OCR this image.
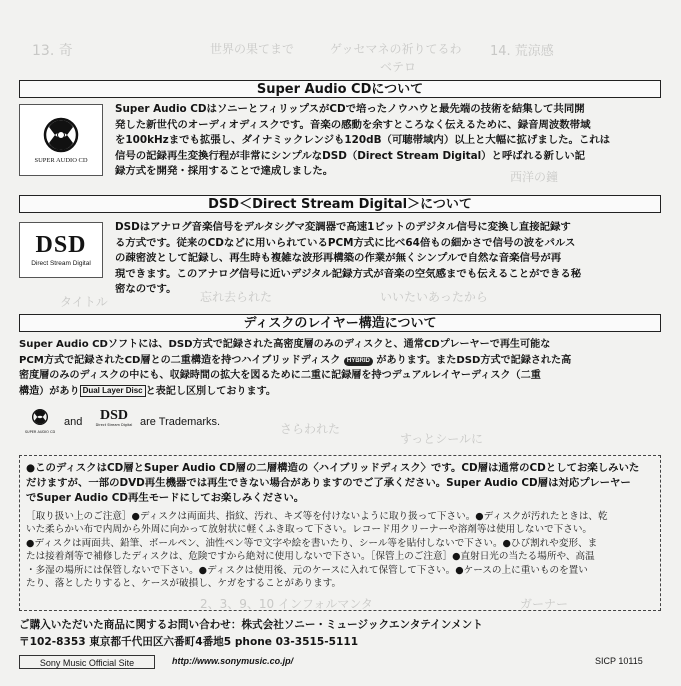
13. 奇	14. 荒涼感
ゲッセマネの祈りてるわ
世界の果てまで
ベテロ
西洋の鐘
忘れ去られた	いいたいあったから
タイトル
さらわれた
すっとシールに
ガーナー
2、3、9、10 インフォルマンタ
Super Audio CDについて
SUPER AUDIO CD
Super Audio CDはソニーとフィリップスがCDで培ったノウハウと最先端の技術を結集して共同開
発した新世代のオーディオディスクです。音楽の感動を余すところなく伝えるために、録音周波数帯域
を100kHzまでも拡張し、ダイナミックレンジも120dB（可聴帯域内）以上と大幅に拡げました。これは
信号の記録再生変換行程が非常にシンプルなDSD（Direct Stream Digital）と呼ばれる新しい記
録方式を開発・採用することで達成しました。
DSD＜Direct Stream Digital＞について
DSD
Direct Stream Digital
DSDはアナログ音楽信号をデルタシグマ変調器で高速1ビットのデジタル信号に変換し直接記録す
る方式です。従来のCDなどに用いられているPCM方式に比べ64倍もの細かさで信号の波をパルス
の疎密波として記録し、再生時も複雑な波形再構築の作業が無くシンプルで自然な音楽信号が再
現できます。このアナログ信号に近いデジタル記録方式が音楽の空気感までも伝えることができる秘
密なのです。
ディスクのレイヤー構造について
Super Audio CDソフトには、DSD方式で記録された高密度層のみのディスクと、通常CDプレーヤーで再生可能な
PCM方式で記録されたCD層との二重構造を持つハイブリッドディスク HYBRID があります。またDSD方式で記録された高
密度層のみのディスクの中にも、収録時間の拡大を図るために二重に記録層を持つデュアルレイヤーディスク（二重
構造）があり Dual Layer Disc と表記し区別しております。
SUPER AUDIO CD
and	DSD
Direct Stream Digital are Trademarks.
●このディスクはCD層とSuper Audio CD層の二層構造の〈ハイブリッドディスク〉です。CD層は通常のCDとしてお楽しみいた
だけますが、一部のDVD再生機器では再生できない場合がありますのでご了承ください。Super Audio CD層は対応プレーヤー
でSuper Audio CD再生モードにしてお楽しみください。
［取り扱い上のご注意］●ディスクは両面共、指紋、汚れ、キズ等を付けないように取り扱って下さい。●ディスクが汚れたときは、乾
いた柔らかい布で内周から外周に向かって放射状に軽くふき取って下さい。レコード用クリーナーや溶剤等は使用しないで下さい。
●ディスクは両面共、鉛筆、ボールペン、油性ペン等で文字や絵を書いたり、シール等を貼付しないで下さい。●ひび割れや変形、ま
たは接着剤等で補修したディスクは、危険ですから絶対に使用しないで下さい。［保管上のご注意］●直射日光の当たる場所や、高温
・多湿の場所には保管しないで下さい。●ディスクは使用後、元のケースに入れて保管して下さい。●ケースの上に重いものを置い
たり、落としたりすると、ケースが破損し、ケガをすることがあります。
ご購入いただいた商品に関するお問い合わせ：株式会社ソニー・ミュージックエンタテインメント
〒102-8353 東京都千代田区六番町4番地5 phone 03-3515-5111
Sony Music Official Site	http://www.sonymusic.co.jp/	SICP 10115
